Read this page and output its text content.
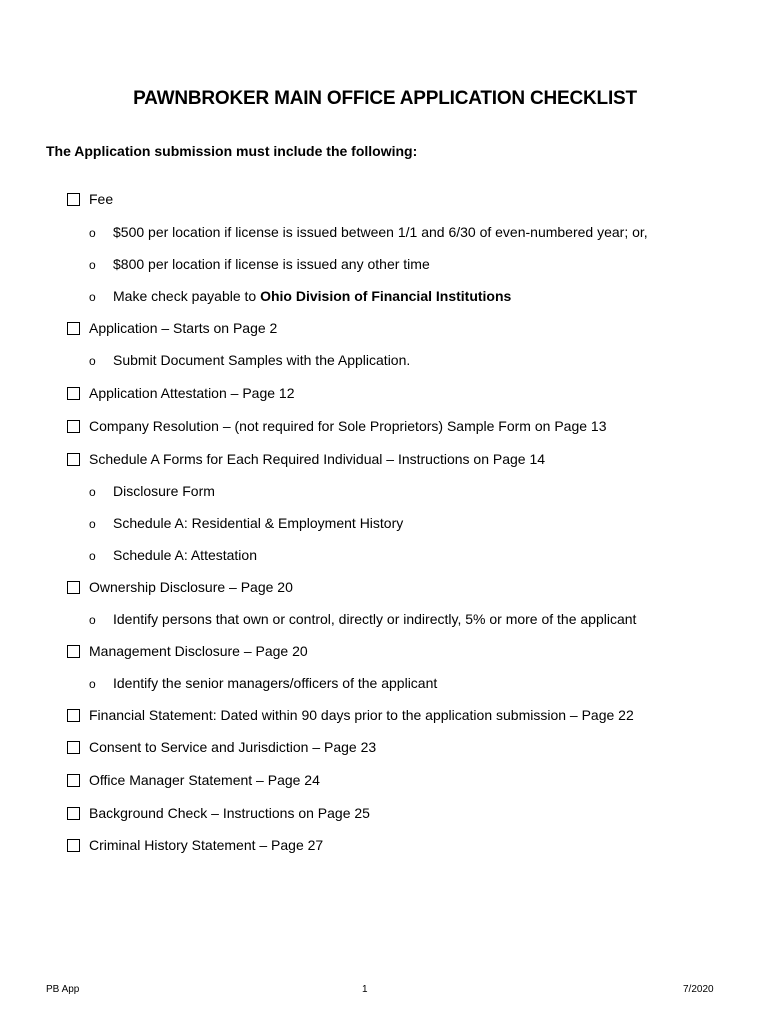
PAWNBROKER MAIN OFFICE APPLICATION CHECKLIST
The Application submission must include the following:
Fee
o $500 per location if license is issued between 1/1 and 6/30 of even-numbered year; or,
o $800 per location if license is issued any other time
o Make check payable to Ohio Division of Financial Institutions
Application – Starts on Page 2
o Submit Document Samples with the Application.
Application Attestation – Page 12
Company Resolution – (not required for Sole Proprietors) Sample Form on Page 13
Schedule A Forms for Each Required Individual – Instructions on Page 14
o Disclosure Form
o Schedule A: Residential & Employment History
o Schedule A: Attestation
Ownership Disclosure – Page 20
o Identify persons that own or control, directly or indirectly, 5% or more of the applicant
Management Disclosure – Page 20
o Identify the senior managers/officers of the applicant
Financial Statement: Dated within 90 days prior to the application submission – Page 22
Consent to Service and Jurisdiction – Page 23
Office Manager Statement – Page 24
Background Check – Instructions on Page 25
Criminal History Statement – Page 27
PB App	1	7/2020
